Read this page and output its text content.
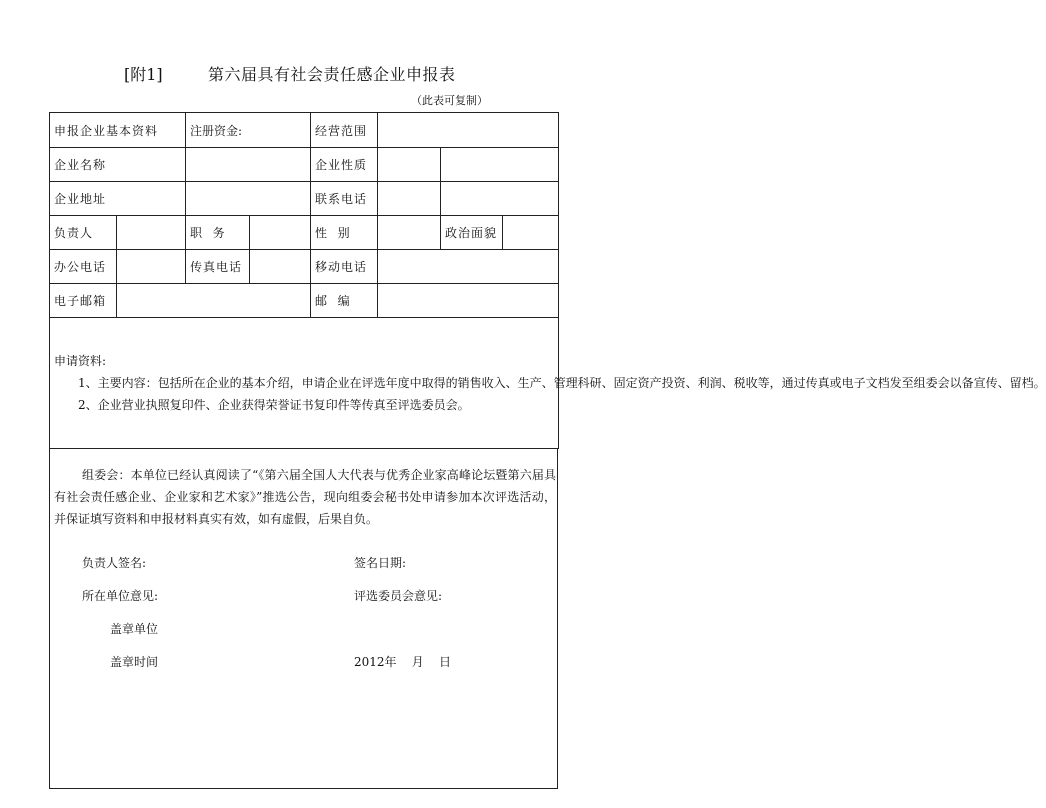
[附1]	第六届具有社会责任感企业申报表
（此表可复制）
申报企业基本资料		注册资金:		经营范围			
企业名称				企业性质			
企业地址				联系电话			
负责人		职  务		性  别		政治面貌	
办公电话		传真电话		移动电话			
电子邮箱				邮  编			

申请资料:
1、主要内容：包括所在企业的基本介绍，申请企业在评选年度中取得的销售收入、生产、管理科研、固定资产投资、利润、税收等，通过传真或电子文档发至组委会以备宣传、留档。
2、企业营业执照复印件、企业获得荣誉证书复印件等传真至评选委员会。							
组委会：本单位已经认真阅读了“《第六届全国人大代表与优秀企业家高峰论坛暨第六届具有社会责任感企业、企业家和艺术家》”推选公告，现向组委会秘书处申请参加本次评选活动，并保证填写资料和申报材料真实有效，如有虚假，后果自负。
负责人签名:	签名日期:
所在单位意见:	评选委员会意见:
盖章单位
盖章时间	2012年    月    日
